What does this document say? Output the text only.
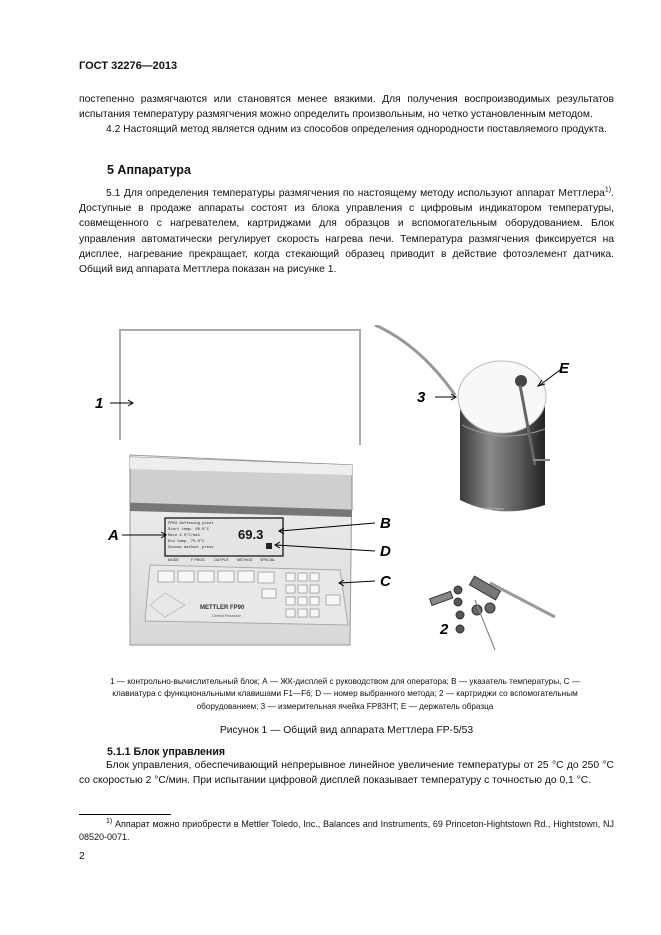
ГОСТ 32276—2013
постепенно размягчаются или становятся менее вязкими. Для получения воспроизводимых результатов испытания температуру размягчения можно определить произвольным, но четко установленным методом.
4.2 Настоящий метод является одним из способов определения однородности поставляемого продукта.
5 Аппаратура
5.1 Для определения температуры размягчения по настоящему методу используют аппарат Меттлера$^{1)}$. Доступные в продаже аппараты состоят из блока управления с цифровым индикатором температуры, совмещенного с нагревателем, картриджами для образцов и вспомогательным оборудованием. Блок управления автоматически регулирует скорость нагрева печи. Температура размягчения фиксируется на дисплее, нагревание прекращает, когда стекающий образец приводит в действие фотоэлемент датчика. Общий вид аппарата Меттлера показан на рисунке 1.
FP83 Softening point
Start temp. 50.0°C
Rate 2.0°C/min
End temp. 75.0°C
Choose method: press
69.3
MODE	F PROG	OUTPUT METHOD SPECIAL
METTLER FP90
Central Processor
Mettler Toledo
1	3
E
A
B
D
C
2
1 — контрольно-вычислительный блок; А — ЖК-дисплей с руководством для оператора; В — указатель температуры, С — клавиатура с функциональными клавишами F1—F6; D — номер выбранного метода; 2 — картриджи со вспомогательным оборудованием; 3 — измерительная ячейка FP83HT; Е — держатель образца
Рисунок 1 — Общий вид аппарата Меттлера FP-5/53
5.1.1 Блок управления
Блок управления, обеспечивающий непрерывное линейное увеличение температуры от 25 °С до 250 °С со скоростью 2 °С/мин. При испытании цифровой дисплей показывает температуру с точностью до 0,1 °С.
$^{1)}$ Аппарат можно приобрести в Mettler Toledo, Inc., Balances and Instruments, 69 Princeton-Hightstown Rd., Hightstown, NJ 08520-0071.
2
